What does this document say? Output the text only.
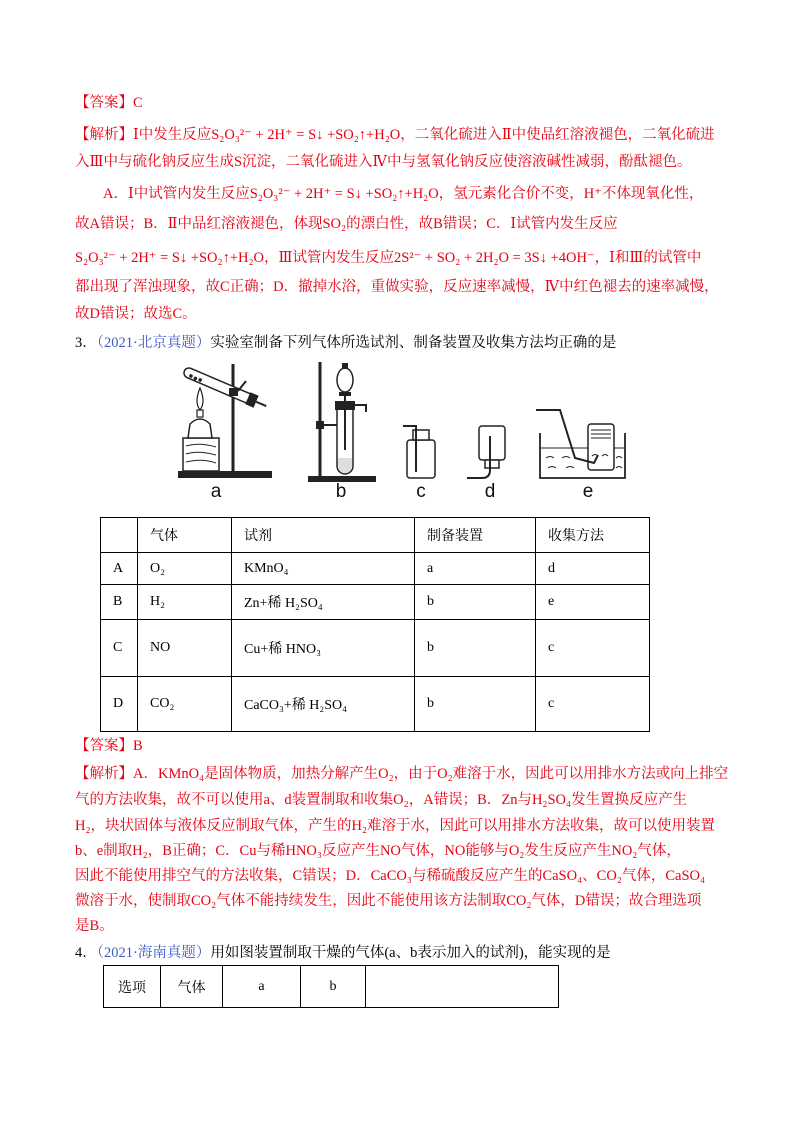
【答案】C
【解析】Ⅰ中发生反应S₂O₃²⁻ + 2H⁺ = S↓ +SO₂↑+H₂O，二氧化硫进入Ⅱ中使品红溶液褪色，二氧化硫进
入Ⅲ中与硫化钠反应生成S沉淀，二氧化硫进入Ⅳ中与氢氧化钠反应使溶液碱性减弱，酚酞褪色。
A．Ⅰ中试管内发生反应S₂O₃²⁻ + 2H⁺ = S↓ +SO₂↑+H₂O，氢元素化合价不变，H⁺不体现氧化性，
故A错误；B．Ⅱ中品红溶液褪色，体现SO₂的漂白性，故B错误；C．Ⅰ试管内发生反应
S₂O₃²⁻ + 2H⁺ = S↓ +SO₂↑+H₂O，Ⅲ试管内发生反应2S²⁻ + SO₂ + 2H₂O = 3S↓ +4OH⁻，Ⅰ和Ⅲ的试管中
都出现了浑浊现象，故C正确；D．撤掉水浴，重做实验，反应速率减慢，Ⅳ中红色褪去的速率减慢，
故D错误；故选C。
3．（2021·北京真题）实验室制备下列气体所选试剂、制备装置及收集方法均正确的是
a	b	c	d	e
	气体	试剂	制备装置	收集方法
A	O₂	KMnO₄	a	d
B	H₂	Zn+稀 H₂SO₄	b	e
C	NO	Cu+稀 HNO₃	b	c
D	CO₂	CaCO₃+稀 H₂SO₄	b	c
【答案】B
【解析】A．KMnO₄是固体物质，加热分解产生O₂，由于O₂难溶于水，因此可以用排水方法或向上排空
气的方法收集，故不可以使用a、d装置制取和收集O₂，A错误；B．Zn与H₂SO₄发生置换反应产生
H₂，块状固体与液体反应制取气体，产生的H₂难溶于水，因此可以用排水方法收集，故可以使用装置
b、e制取H₂，B正确；C．Cu与稀HNO₃反应产生NO气体，NO能够与O₂发生反应产生NO₂气体，
因此不能使用排空气的方法收集，C错误；D．CaCO₃与稀硫酸反应产生的CaSO₄、CO₂气体，CaSO₄
微溶于水，使制取CO₂气体不能持续发生，因此不能使用该方法制取CO₂气体，D错误；故合理选项
是B。
4．（2021·海南真题）用如图装置制取干燥的气体(a、b表示加入的试剂)，能实现的是
选项	气体	a	b	
